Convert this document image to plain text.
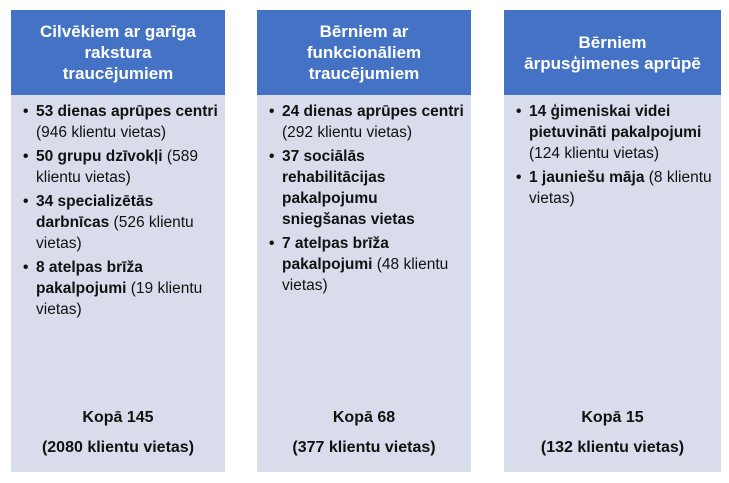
Cilvēkiem ar garīga
rakstura
traucējumiem
• 53 dienas aprūpes centri (946 klientu vietas)
• 50 grupu dzīvokļi (589 klientu vietas)
• 34 specializētās darbnīcas (526 klientu vietas)
• 8 atelpas brīža pakalpojumi (19 klientu vietas)
Kopā 145
(2080 klientu vietas)
Bērniem ar
funkcionāliem
traucējumiem
• 24 dienas aprūpes centri (292 klientu vietas)
• 37 sociālās rehabilitācijas pakalpojumu sniegšanas vietas
• 7 atelpas brīža pakalpojumi (48 klientu vietas)
Kopā 68
(377 klientu vietas)
Bērniem
ārpusģimenes aprūpē
• 14 ģimeniskai videi pietuvināti pakalpojumi (124 klientu vietas)
• 1 jauniešu māja (8 klientu vietas)
Kopā 15
(132 klientu vietas)
